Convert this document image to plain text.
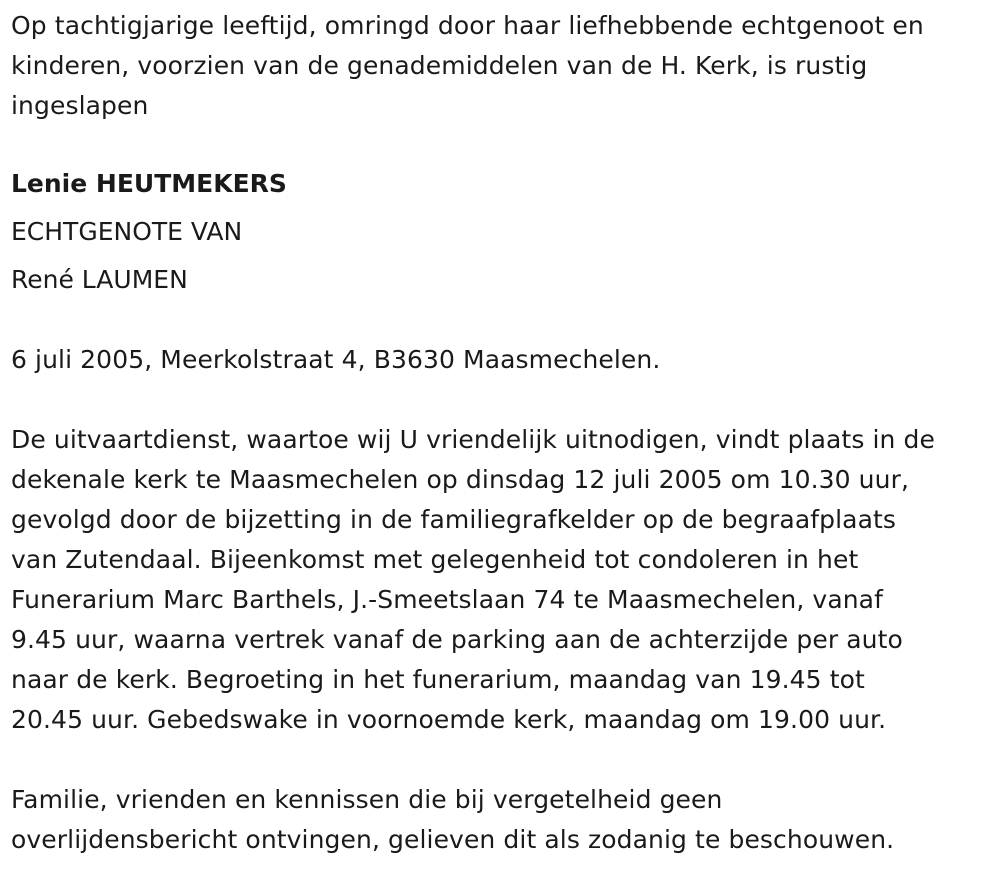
Op tachtigjarige leeftijd, omringd door haar liefhebbende echtgenoot en
kinderen, voorzien van de genademiddelen van de H. Kerk, is rustig
ingeslapen
Lenie HEUTMEKERS
ECHTGENOTE VAN
René LAUMEN
6 juli 2005, Meerkolstraat 4, B3630 Maasmechelen.
De uitvaartdienst, waartoe wij U vriendelijk uitnodigen, vindt plaats in de
dekenale kerk te Maasmechelen op dinsdag 12 juli 2005 om 10.30 uur,
gevolgd door de bijzetting in de familiegrafkelder op de begraafplaats
van Zutendaal. Bijeenkomst met gelegenheid tot condoleren in het
Funerarium Marc Barthels, J.-Smeetslaan 74 te Maasmechelen, vanaf
9.45 uur, waarna vertrek vanaf de parking aan de achterzijde per auto
naar de kerk. Begroeting in het funerarium, maandag van 19.45 tot
20.45 uur. Gebedswake in voornoemde kerk, maandag om 19.00 uur.
Familie, vrienden en kennissen die bij vergetelheid geen
overlijdensbericht ontvingen, gelieven dit als zodanig te beschouwen.
